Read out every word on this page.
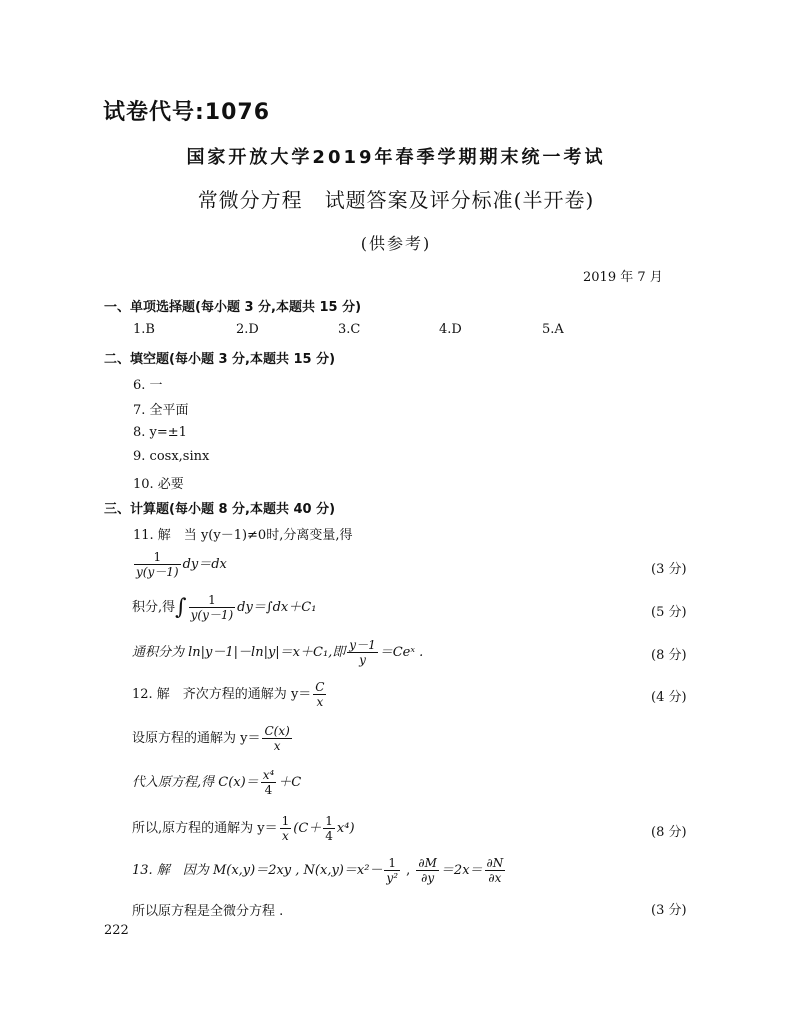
试卷代号:1076
国家开放大学2019年春季学期期末统一考试
常微分方程 试题答案及评分标准(半开卷)
(供参考)
2019 年 7 月
一、单项选择题(每小题 3 分,本题共 15 分)
1.B	2.D	3.C	4.D	5.A
二、填空题(每小题 3 分,本题共 15 分)
6. 一
7. 全平面
8. y=±1
9. cosx,sinx
10. 必要
三、计算题(每小题 8 分,本题共 40 分)
11. 解　当 y(y－1)≠0时,分离变量,得
$\frac{1}{y(y-1)} dy=dx$	(3 分)
积分,得∫ $\frac{1}{y(y-1)} dy=\int dx+C_1$	(5 分)
通积分为 ln|y－1|－ln|y|＝x＋C₁,即 $\frac{y-1}{y}$ ＝Ceˣ .	(8 分)
12. 解　齐次方程的通解为 $y= \frac{C}{x}$	(4 分)
设原方程的通解为 $y= \frac{C(x)}{x}$
代入原方程,得 $C(x)= \frac{\text{x⁴}}{4} +C$
所以,原方程的通解为 $y= \frac{1}{x} (C+ \frac{1}{4} x^4)$	(8 分)
13. 解　因为 M(x,y)＝2xy , $N(x,y)=x^2- \frac{1}{\text{y²}}$ , $\frac{\partial M}{\partial y} =2x= \frac{\partial N}{\partial x}$
所以原方程是全微分方程 .	(3 分)
222
